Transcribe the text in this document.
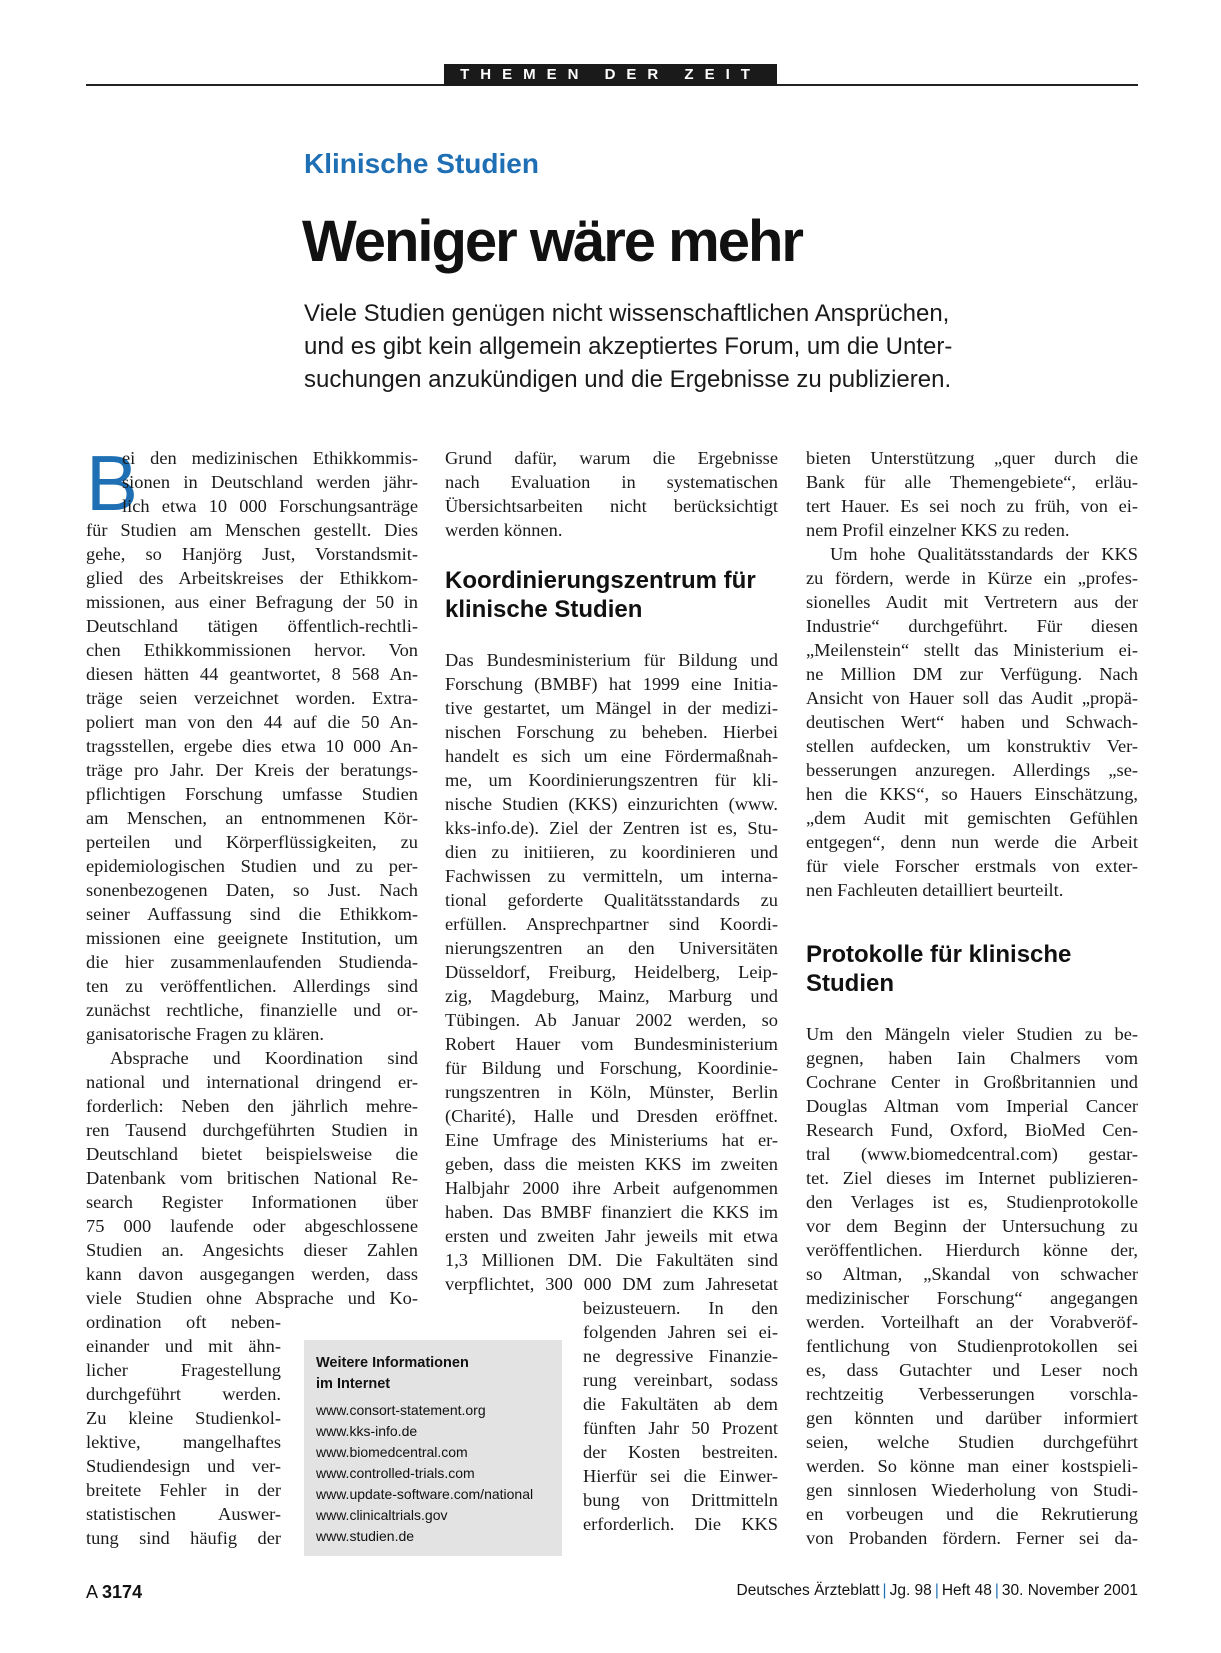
THEMEN DER ZEIT
Klinische Studien
Weniger wäre mehr
Viele Studien genügen nicht wissenschaftlichen Ansprüchen,
und es gibt kein allgemein akzeptiertes Forum, um die Unter-
suchungen anzukündigen und die Ergebnisse zu publizieren.
B
ei den medizinischen Ethikkommis-
sionen in Deutschland werden jähr-
lich etwa 10 000 Forschungsanträge
für Studien am Menschen gestellt. Dies
gehe, so Hanjörg Just, Vorstandsmit-
glied des Arbeitskreises der Ethikkom-
missionen, aus einer Befragung der 50 in
Deutschland tätigen öffentlich-rechtli-
chen Ethikkommissionen hervor. Von
diesen hätten 44 geantwortet, 8 568 An-
träge seien verzeichnet worden. Extra-
poliert man von den 44 auf die 50 An-
tragsstellen, ergebe dies etwa 10 000 An-
träge pro Jahr. Der Kreis der beratungs-
pflichtigen Forschung umfasse Studien
am Menschen, an entnommenen Kör-
perteilen und Körperflüssigkeiten, zu
epidemiologischen Studien und zu per-
sonenbezogenen Daten, so Just. Nach
seiner Auffassung sind die Ethikkom-
missionen eine geeignete Institution, um
die hier zusammenlaufenden Studienda-
ten zu veröffentlichen. Allerdings sind
zunächst rechtliche, finanzielle und or-
ganisatorische Fragen zu klären.
Absprache und Koordination sind
national und international dringend er-
forderlich: Neben den jährlich mehre-
ren Tausend durchgeführten Studien in
Deutschland bietet beispielsweise die
Datenbank vom britischen National Re-
search Register Informationen über
75 000 laufende oder abgeschlossene
Studien an. Angesichts dieser Zahlen
kann davon ausgegangen werden, dass
viele Studien ohne Absprache und Ko-
ordination oft neben-
einander und mit ähn-
licher Fragestellung
durchgeführt werden.
Zu kleine Studienkol-
lektive, mangelhaftes
Studiendesign und ver-
breitete Fehler in der
statistischen Auswer-
tung sind häufig der
Grund dafür, warum die Ergebnisse
nach Evaluation in systematischen
Übersichtsarbeiten nicht berücksichtigt
werden können.
Koordinierungszentrum für
klinische Studien
Das Bundesministerium für Bildung und
Forschung (BMBF) hat 1999 eine Initia-
tive gestartet, um Mängel in der medizi-
nischen Forschung zu beheben. Hierbei
handelt es sich um eine Fördermaßnah-
me, um Koordinierungszentren für kli-
nische Studien (KKS) einzurichten (www.
kks-info.de). Ziel der Zentren ist es, Stu-
dien zu initiieren, zu koordinieren und
Fachwissen zu vermitteln, um interna-
tional geforderte Qualitätsstandards zu
erfüllen. Ansprechpartner sind Koordi-
nierungszentren an den Universitäten
Düsseldorf, Freiburg, Heidelberg, Leip-
zig, Magdeburg, Mainz, Marburg und
Tübingen. Ab Januar 2002 werden, so
Robert Hauer vom Bundesministerium
für Bildung und Forschung, Koordinie-
rungszentren in Köln, Münster, Berlin
(Charité), Halle und Dresden eröffnet.
Eine Umfrage des Ministeriums hat er-
geben, dass die meisten KKS im zweiten
Halbjahr 2000 ihre Arbeit aufgenommen
haben. Das BMBF finanziert die KKS im
ersten und zweiten Jahr jeweils mit etwa
1,3 Millionen DM. Die Fakultäten sind
verpflichtet, 300 000 DM zum Jahresetat
beizusteuern. In den
folgenden Jahren sei ei-
ne degressive Finanzie-
rung vereinbart, sodass
die Fakultäten ab dem
fünften Jahr 50 Prozent
der Kosten bestreiten.
Hierfür sei die Einwer-
bung von Drittmitteln
erforderlich. Die KKS
bieten Unterstützung „quer durch die
Bank für alle Themengebiete“, erläu-
tert Hauer. Es sei noch zu früh, von ei-
nem Profil einzelner KKS zu reden.
Um hohe Qualitätsstandards der KKS
zu fördern, werde in Kürze ein „profes-
sionelles Audit mit Vertretern aus der
Industrie“ durchgeführt. Für diesen
„Meilenstein“ stellt das Ministerium ei-
ne Million DM zur Verfügung. Nach
Ansicht von Hauer soll das Audit „propä-
deutischen Wert“ haben und Schwach-
stellen aufdecken, um konstruktiv Ver-
besserungen anzuregen. Allerdings „se-
hen die KKS“, so Hauers Einschätzung,
„dem Audit mit gemischten Gefühlen
entgegen“, denn nun werde die Arbeit
für viele Forscher erstmals von exter-
nen Fachleuten detailliert beurteilt.
Protokolle für klinische
Studien
Um den Mängeln vieler Studien zu be-
gegnen, haben Iain Chalmers vom
Cochrane Center in Großbritannien und
Douglas Altman vom Imperial Cancer
Research Fund, Oxford, BioMed Cen-
tral (www.biomedcentral.com) gestar-
tet. Ziel dieses im Internet publizieren-
den Verlages ist es, Studienprotokolle
vor dem Beginn der Untersuchung zu
veröffentlichen. Hierdurch könne der,
so Altman, „Skandal von schwacher
medizinischer Forschung“ angegangen
werden. Vorteilhaft an der Vorabveröf-
fentlichung von Studienprotokollen sei
es, dass Gutachter und Leser noch
rechtzeitig Verbesserungen vorschla-
gen könnten und darüber informiert
seien, welche Studien durchgeführt
werden. So könne man einer kostspieli-
gen sinnlosen Wiederholung von Studi-
en vorbeugen und die Rekrutierung
von Probanden fördern. Ferner sei da-
Weitere Informationen
im Internet
www.consort-statement.org
www.kks-info.de
www.biomedcentral.com
www.controlled-trials.com
www.update-software.com/national
www.clinicaltrials.gov
www.studien.de
A 3174	Deutsches Ärzteblatt | Jg. 98 | Heft 48 | 30. November 2001
